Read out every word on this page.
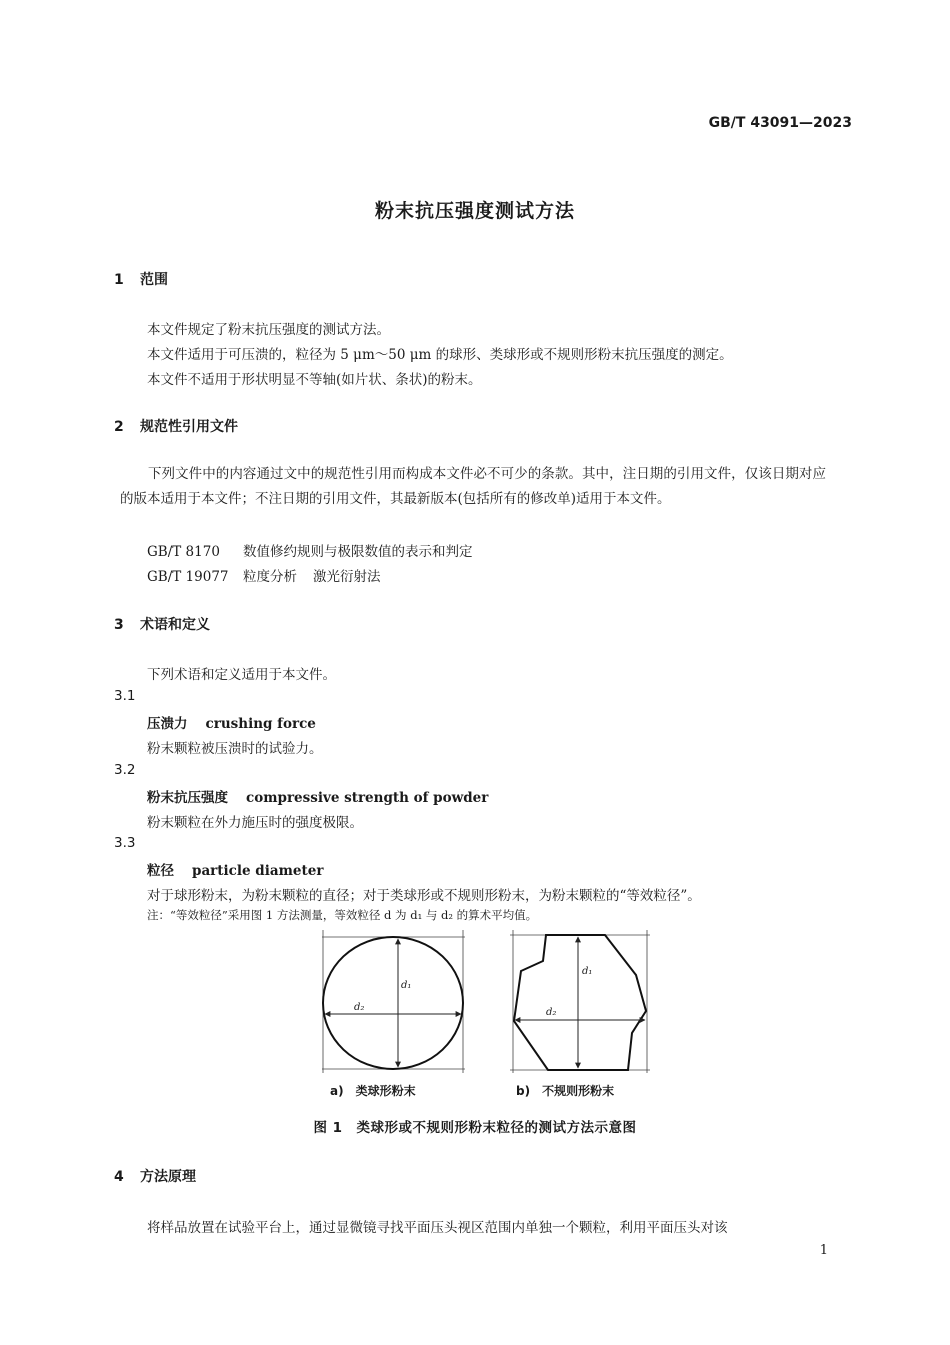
GB/T 43091—2023
粉末抗压强度测试方法
1 范围
本文件规定了粉末抗压强度的测试方法。
本文件适用于可压溃的，粒径为 5 μm～50 μm 的球形、类球形或不规则形粉末抗压强度的测定。
本文件不适用于形状明显不等轴(如片状、条状)的粉末。
2 规范性引用文件
下列文件中的内容通过文中的规范性引用而构成本文件必不可少的条款。其中，注日期的引用文件，仅该日期对应的版本适用于本文件；不注日期的引用文件，其最新版本(包括所有的修改单)适用于本文件。
GB/T 8170 数值修约规则与极限数值的表示和判定
GB/T 19077 粒度分析 激光衍射法
3 术语和定义
下列术语和定义适用于本文件。
3.1
压溃力 crushing force
粉末颗粒被压溃时的试验力。
3.2
粉末抗压强度 compressive strength of powder
粉末颗粒在外力施压时的强度极限。
3.3
粒径 particle diameter
对于球形粉末，为粉末颗粒的直径；对于类球形或不规则形粉末，为粉末颗粒的“等效粒径”。
注：“等效粒径”采用图 1 方法测量，等效粒径 d 为 d₁ 与 d₂ 的算术平均值。
d₁
d₂
d₁
d₂
a)　类球形粉末	b)　不规则形粉末
图 1　类球形或不规则形粉末粒径的测试方法示意图
4 方法原理
将样品放置在试验平台上，通过显微镜寻找平面压头视区范围内单独一个颗粒，利用平面压头对该
1
